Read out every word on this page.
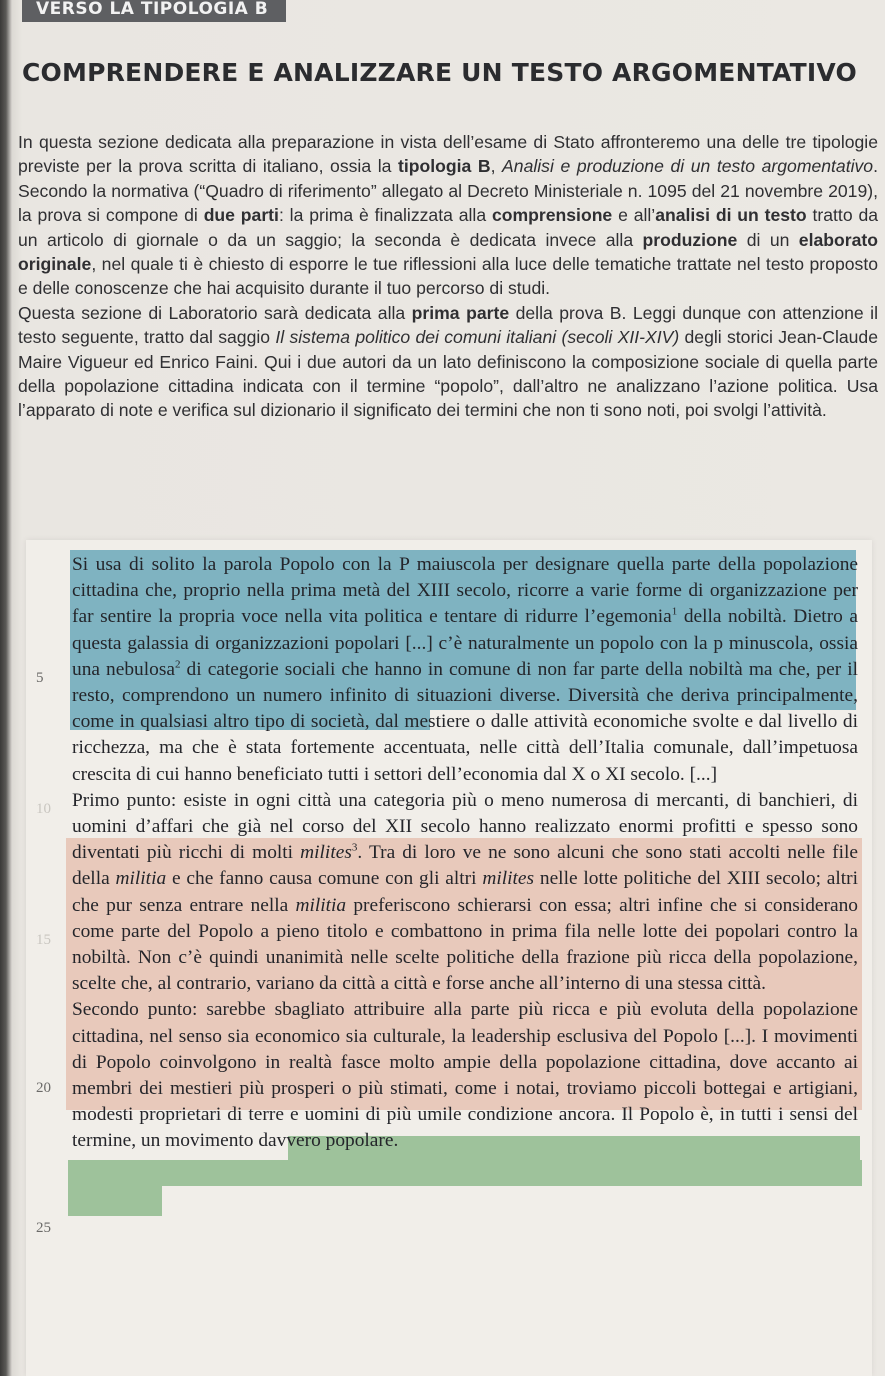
VERSO LA TIPOLOGIA B
COMPRENDERE E ANALIZZARE UN TESTO ARGOMENTATIVO

In questa sezione dedicata alla preparazione in vista dell’esame di Stato affronteremo una delle tre tipologie previste per la prova scritta di italiano, ossia la tipologia B, Analisi e produzione di un testo argomentativo. Secondo la normativa (“Quadro di riferimento” allegato al Decreto Ministeriale n. 1095 del 21 novembre 2019), la prova si compone di due parti: la prima è finalizzata alla comprensione e all’analisi di un testo tratto da un articolo di giornale o da un saggio; la seconda è dedicata invece alla produzione di un elaborato originale, nel quale ti è chiesto di esporre le tue riflessioni alla luce delle tematiche trattate nel testo proposto e delle conoscenze che hai acquisito durante il tuo percorso di studi.
Questa sezione di Laboratorio sarà dedicata alla prima parte della prova B. Leggi dunque con attenzione il testo seguente, tratto dal saggio Il sistema politico dei comuni italiani (secoli XII-XIV) degli storici Jean-Claude Maire Vigueur ed Enrico Faini. Qui i due autori da un lato definiscono la composizione sociale di quella parte della popolazione cittadina indicata con il termine “popolo”, dall’altro ne analizzano l’azione politica. Usa l’apparato di note e verifica sul dizionario il significato dei termini che non ti sono noti, poi svolgi l’attività.

Si usa di solito la parola Popolo con la P maiuscola per designare quella parte della popolazione cittadina che, proprio nella prima metà del XIII secolo, ricorre a varie forme di organizzazione per far sentire la propria voce nella vita politica e tentare di ridurre l’egemonia$^1$ della nobiltà. Dietro a questa galassia di organizzazioni popolari [...] c’è naturalmente un popolo con la p minuscola, ossia una nebulosa$^2$ di categorie sociali che hanno in comune di non far parte della nobiltà ma che, per il resto, comprendono un numero infinito di situazioni diverse. Diversità che deriva principalmente, come in qualsiasi altro tipo di società, dal mestiere o dalle attività economiche svolte e dal livello di ricchezza, ma che è stata fortemente accentuata, nelle città dell’Italia comunale, dall’impetuosa crescita di cui hanno beneficiato tutti i settori dell’economia dal X o XI secolo. [...]
Primo punto: esiste in ogni città una categoria più o meno numerosa di mercanti, di banchieri, di uomini d’affari che già nel corso del XII secolo hanno realizzato enormi profitti e spesso sono diventati più ricchi di molti milites$^3$. Tra di loro ve ne sono alcuni che sono stati accolti nelle file della militia e che fanno causa comune con gli altri milites nelle lotte politiche del XIII secolo; altri che pur senza entrare nella militia preferiscono schierarsi con essa; altri infine che si considerano come parte del Popolo a pieno titolo e combattono in prima fila nelle lotte dei popolari contro la nobiltà. Non c’è quindi unanimità nelle scelte politiche della frazione più ricca della popolazione, scelte che, al contrario, variano da città a città e forse anche all’interno di una stessa città.
Secondo punto: sarebbe sbagliato attribuire alla parte più ricca e più evoluta della popolazione cittadina, nel senso sia economico sia culturale, la leadership esclusiva del Popolo [...]. I movimenti di Popolo coinvolgono in realtà fasce molto ampie della popolazione cittadina, dove accanto ai membri dei mestieri più prosperi o più stimati, come i notai, troviamo piccoli bottegai e artigiani, modesti proprietari di terre e uomini di più umile condizione ancora. Il Popolo è, in tutti i sensi del termine, un movimento davvero popolare.

5
10
15
20
25
